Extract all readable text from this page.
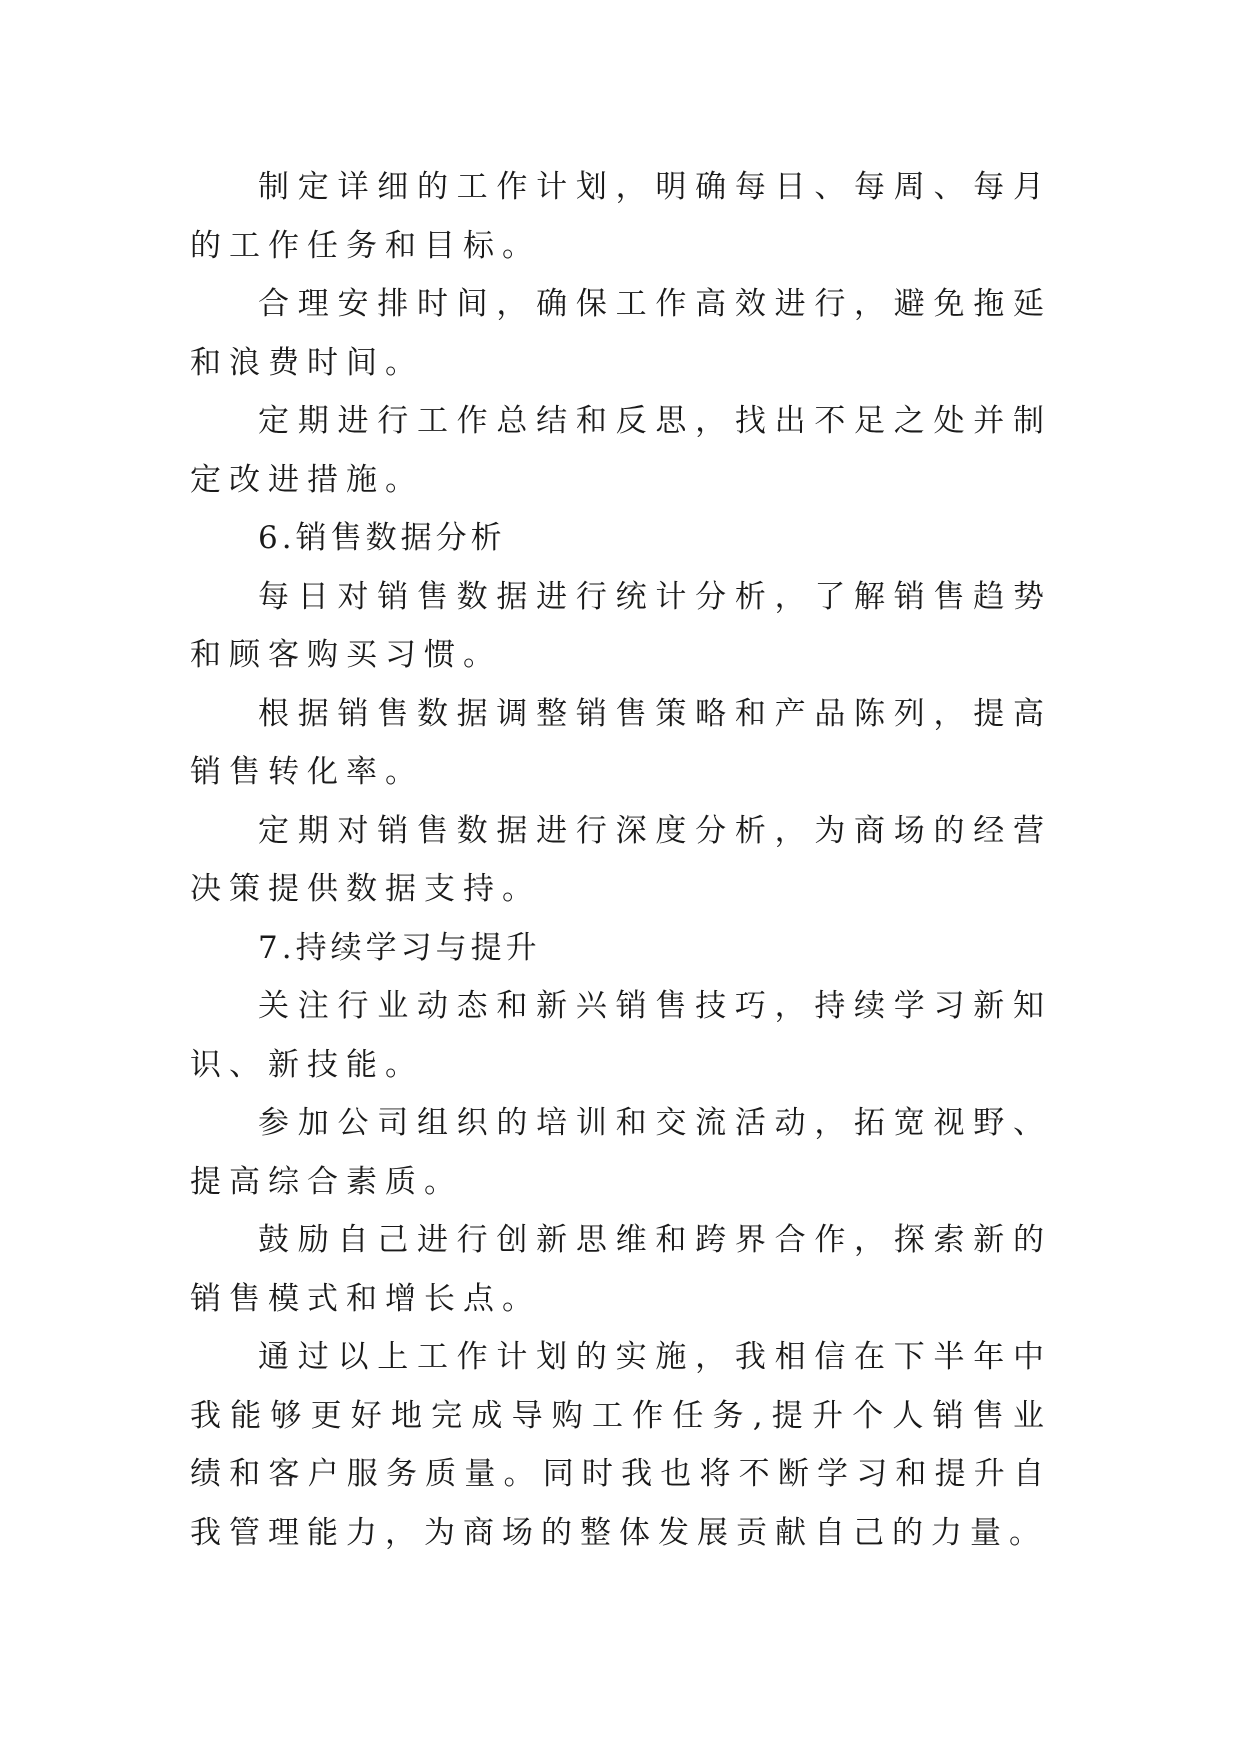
制定详细的工作计划，明确每日、每周、每月的工作任务和目标。

合理安排时间，确保工作高效进行，避免拖延和浪费时间。

定期进行工作总结和反思，找出不足之处并制定改进措施。

6.销售数据分析

每日对销售数据进行统计分析，了解销售趋势和顾客购买习惯。

根据销售数据调整销售策略和产品陈列，提高销售转化率。

定期对销售数据进行深度分析，为商场的经营决策提供数据支持。

7.持续学习与提升

关注行业动态和新兴销售技巧，持续学习新知识、新技能。

参加公司组织的培训和交流活动，拓宽视野、提高综合素质。

鼓励自己进行创新思维和跨界合作，探索新的销售模式和增长点。

通过以上工作计划的实施，我相信在下半年中我能够更好地完成导购工作任务,提升个人销售业绩和客户服务质量。同时我也将不断学习和提升自我管理能力，为商场的整体发展贡献自己的力量。
